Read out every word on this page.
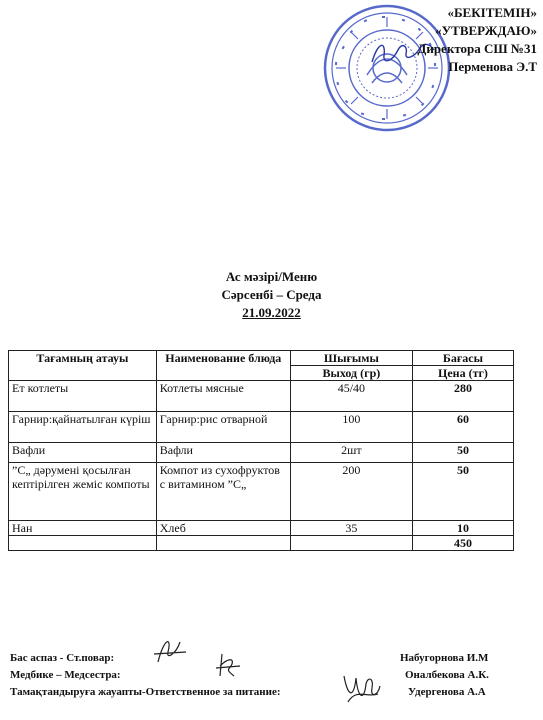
«БЕКІТЕМІН»
«УТВЕРЖДАЮ»
Директора СШ №31
Перменова Э.Т
Ас мәзірі/Меню
Сәрсенбі – Среда
21.09.2022
Тағамның атауы	Наименование блюда	Шығымы	Бағасы
		Выход (гр)	Цена (тг)
Ет котлеты	Котлеты мясные	45/40	280
Гарнир:қайнатылған күріш	Гарнир:рис отварной	100	60
Вафли	Вафли	2шт	50
”С„ дәрумені қосылған кептірілген жеміс компоты	Компот из сухофруктов с витамином ”С„	200	50
Нан	Хлеб	35	10
			450
Бас аспаз - Ст.повар:	Набугорнова И.М
Медбике – Медсестра:	Оналбекова А.К.
Тамақтандыруға жауапты-Ответственное за питание:	Удергенова А.А
